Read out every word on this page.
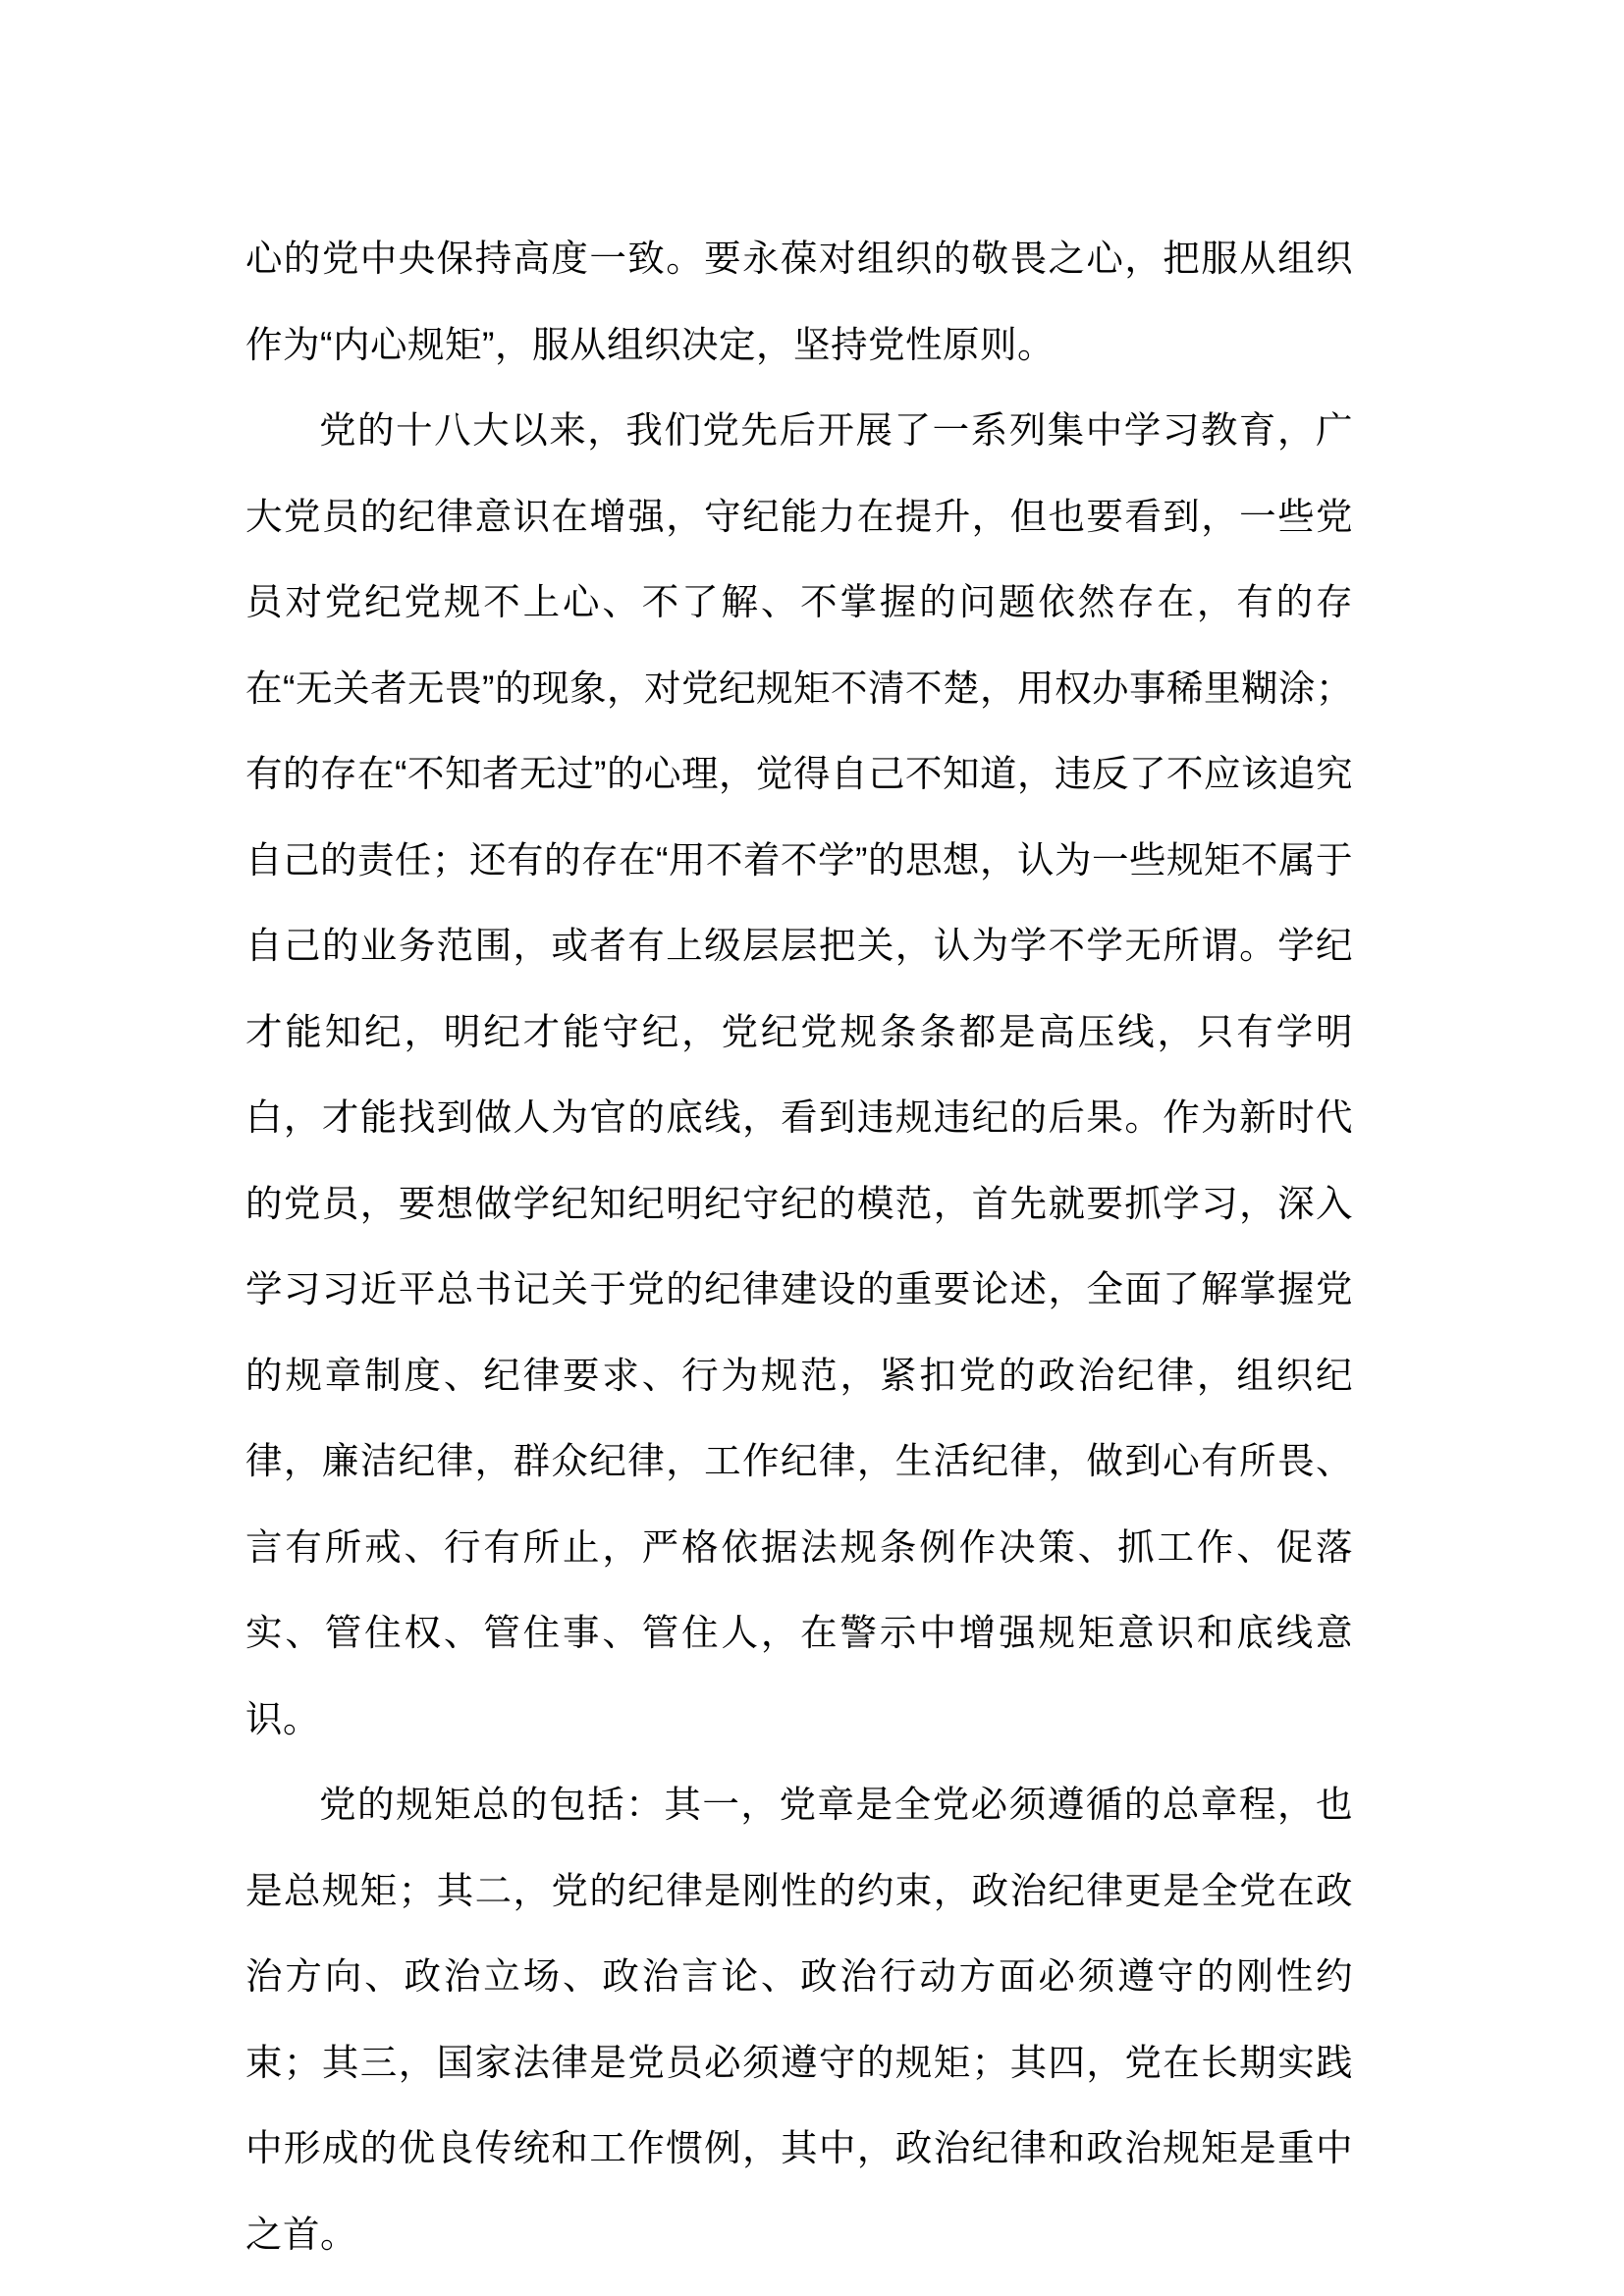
心的党中央保持高度一致。要永葆对组织的敬畏之心，把服从组织作为“内心规矩”，服从组织决定，坚持党性原则。

党的十八大以来，我们党先后开展了一系列集中学习教育，广大党员的纪律意识在增强，守纪能力在提升，但也要看到，一些党员对党纪党规不上心、不了解、不掌握的问题依然存在，有的存在“无关者无畏”的现象，对党纪规矩不清不楚，用权办事稀里糊涂；有的存在“不知者无过”的心理，觉得自己不知道，违反了不应该追究自己的责任；还有的存在“用不着不学”的思想，认为一些规矩不属于自己的业务范围，或者有上级层层把关，认为学不学无所谓。学纪才能知纪，明纪才能守纪，党纪党规条条都是高压线，只有学明白，才能找到做人为官的底线，看到违规违纪的后果。作为新时代的党员，要想做学纪知纪明纪守纪的模范，首先就要抓学习，深入学习习近平总书记关于党的纪律建设的重要论述，全面了解掌握党的规章制度、纪律要求、行为规范，紧扣党的政治纪律，组织纪律，廉洁纪律，群众纪律，工作纪律，生活纪律，做到心有所畏、言有所戒、行有所止，严格依据法规条例作决策、抓工作、促落实、管住权、管住事、管住人，在警示中增强规矩意识和底线意识。

党的规矩总的包括：其一，党章是全党必须遵循的总章程，也是总规矩；其二，党的纪律是刚性的约束，政治纪律更是全党在政治方向、政治立场、政治言论、政治行动方面必须遵守的刚性约束；其三，国家法律是党员必须遵守的规矩；其四，党在长期实践中形成的优良传统和工作惯例，其中，政治纪律和政治规矩是重中之首。
